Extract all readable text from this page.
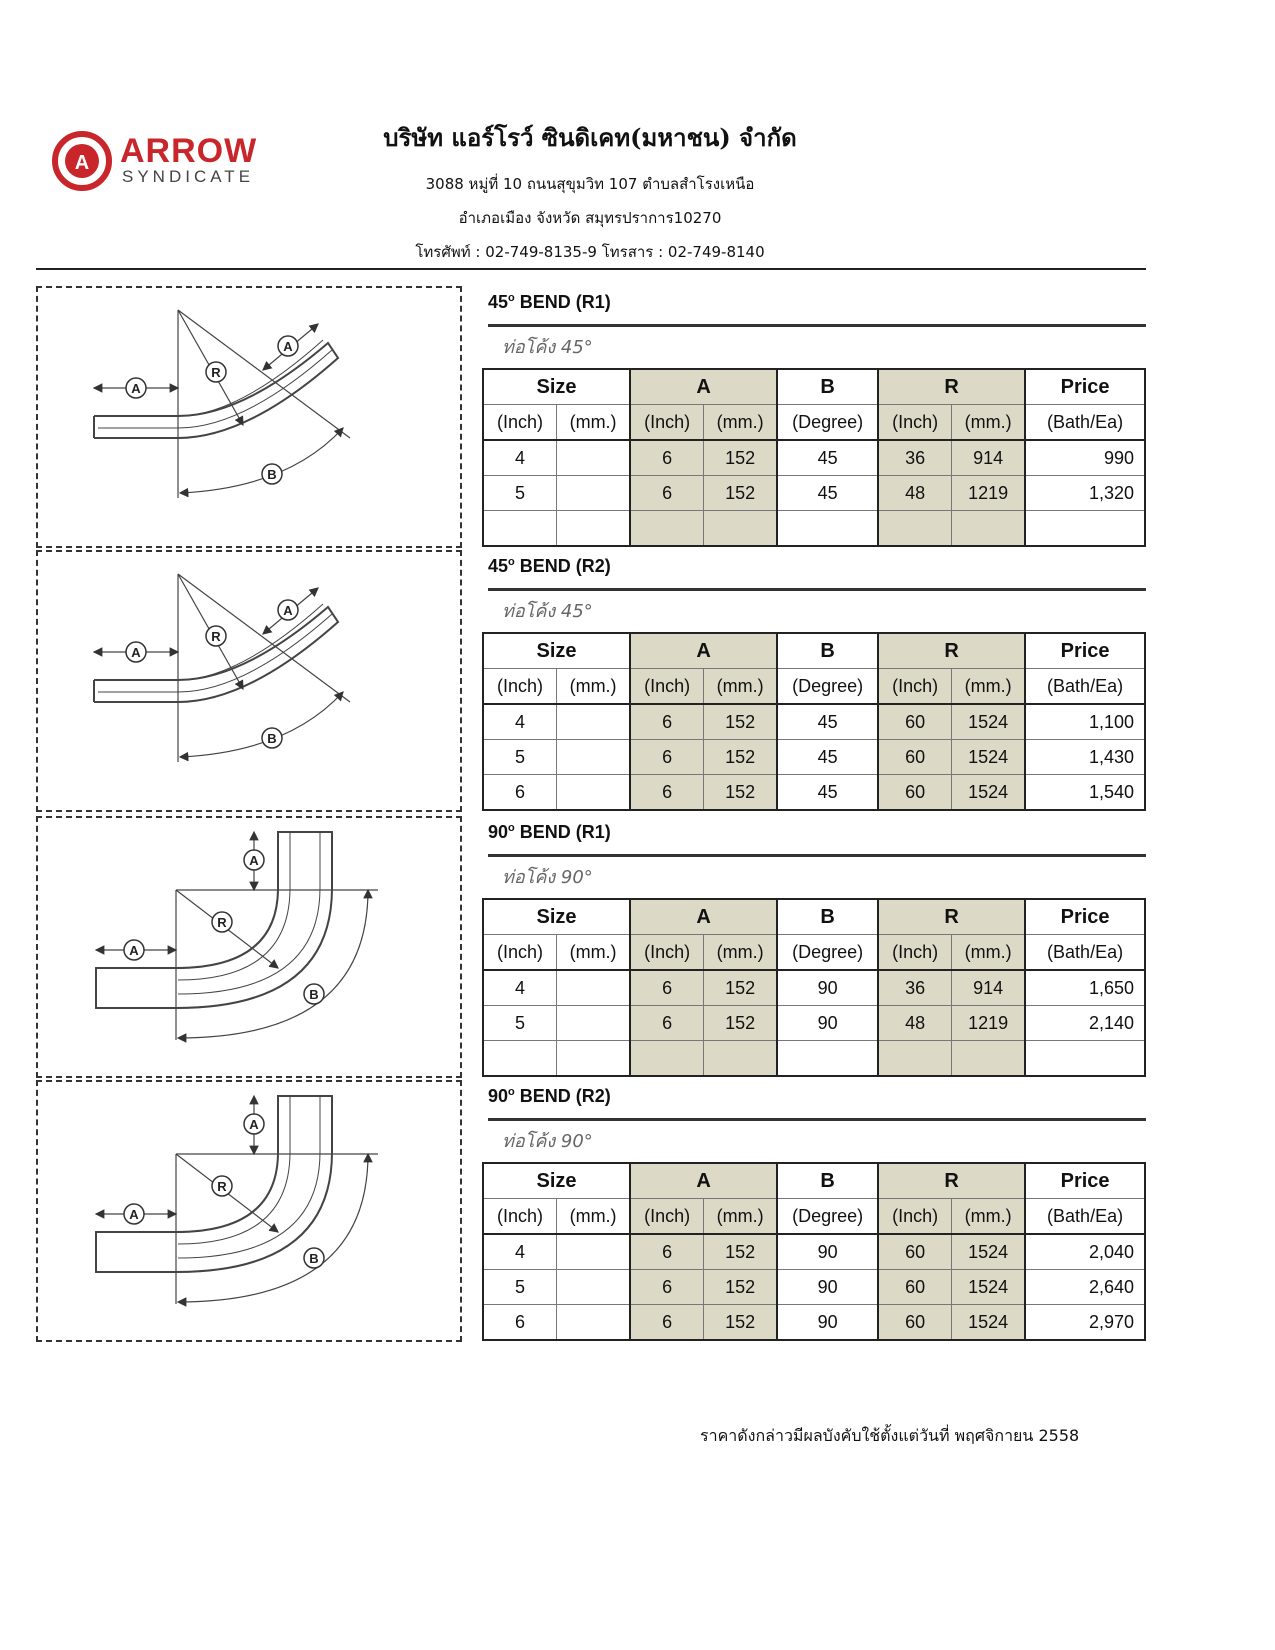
A ARROW
SYNDICATE
บริษัท แอร์โรว์ ซินดิเคท(มหาชน) จำกัด
3088 หมู่ที่ 10 ถนนสุขุมวิท 107 ตำบลสำโรงเหนือ
อำเภอเมือง จังหวัด สมุทรปราการ10270
โทรศัพท์ : 02-749-8135-9 โทรสาร : 02-749-8140
A
R
A
B
45$^o$ BEND (R1)
ท่อโค้ง 45°
Size		A		B	R		Price
(Inch)	(mm.)	(Inch)	(mm.)	(Degree)	(Inch)	(mm.)	(Bath/Ea)
4		6	152	45	36	914	990
5		6	152	45	48	1219	1,320

A
R
A
B
45$^o$ BEND (R2)
ท่อโค้ง 45°
Size		A		B	R		Price
(Inch)	(mm.)	(Inch)	(mm.)	(Degree)	(Inch)	(mm.)	(Bath/Ea)
4		6	152	45	60	1524	1,100
5		6	152	45	60	1524	1,430
6		6	152	45	60	1524	1,540
A
R
A
B
90$^o$ BEND (R1)
ท่อโค้ง 90°
Size		A		B	R		Price
(Inch)	(mm.)	(Inch)	(mm.)	(Degree)	(Inch)	(mm.)	(Bath/Ea)
4		6	152	90	36	914	1,650
5		6	152	90	48	1219	2,140

A
R
A
B
90$^o$ BEND (R2)
ท่อโค้ง 90°
Size		A		B	R		Price
(Inch)	(mm.)	(Inch)	(mm.)	(Degree)	(Inch)	(mm.)	(Bath/Ea)
4		6	152	90	60	1524	2,040
5		6	152	90	60	1524	2,640
6		6	152	90	60	1524	2,970
ราคาดังกล่าวมีผลบังคับใช้ตั้งแต่วันที่ พฤศจิกายน 2558
